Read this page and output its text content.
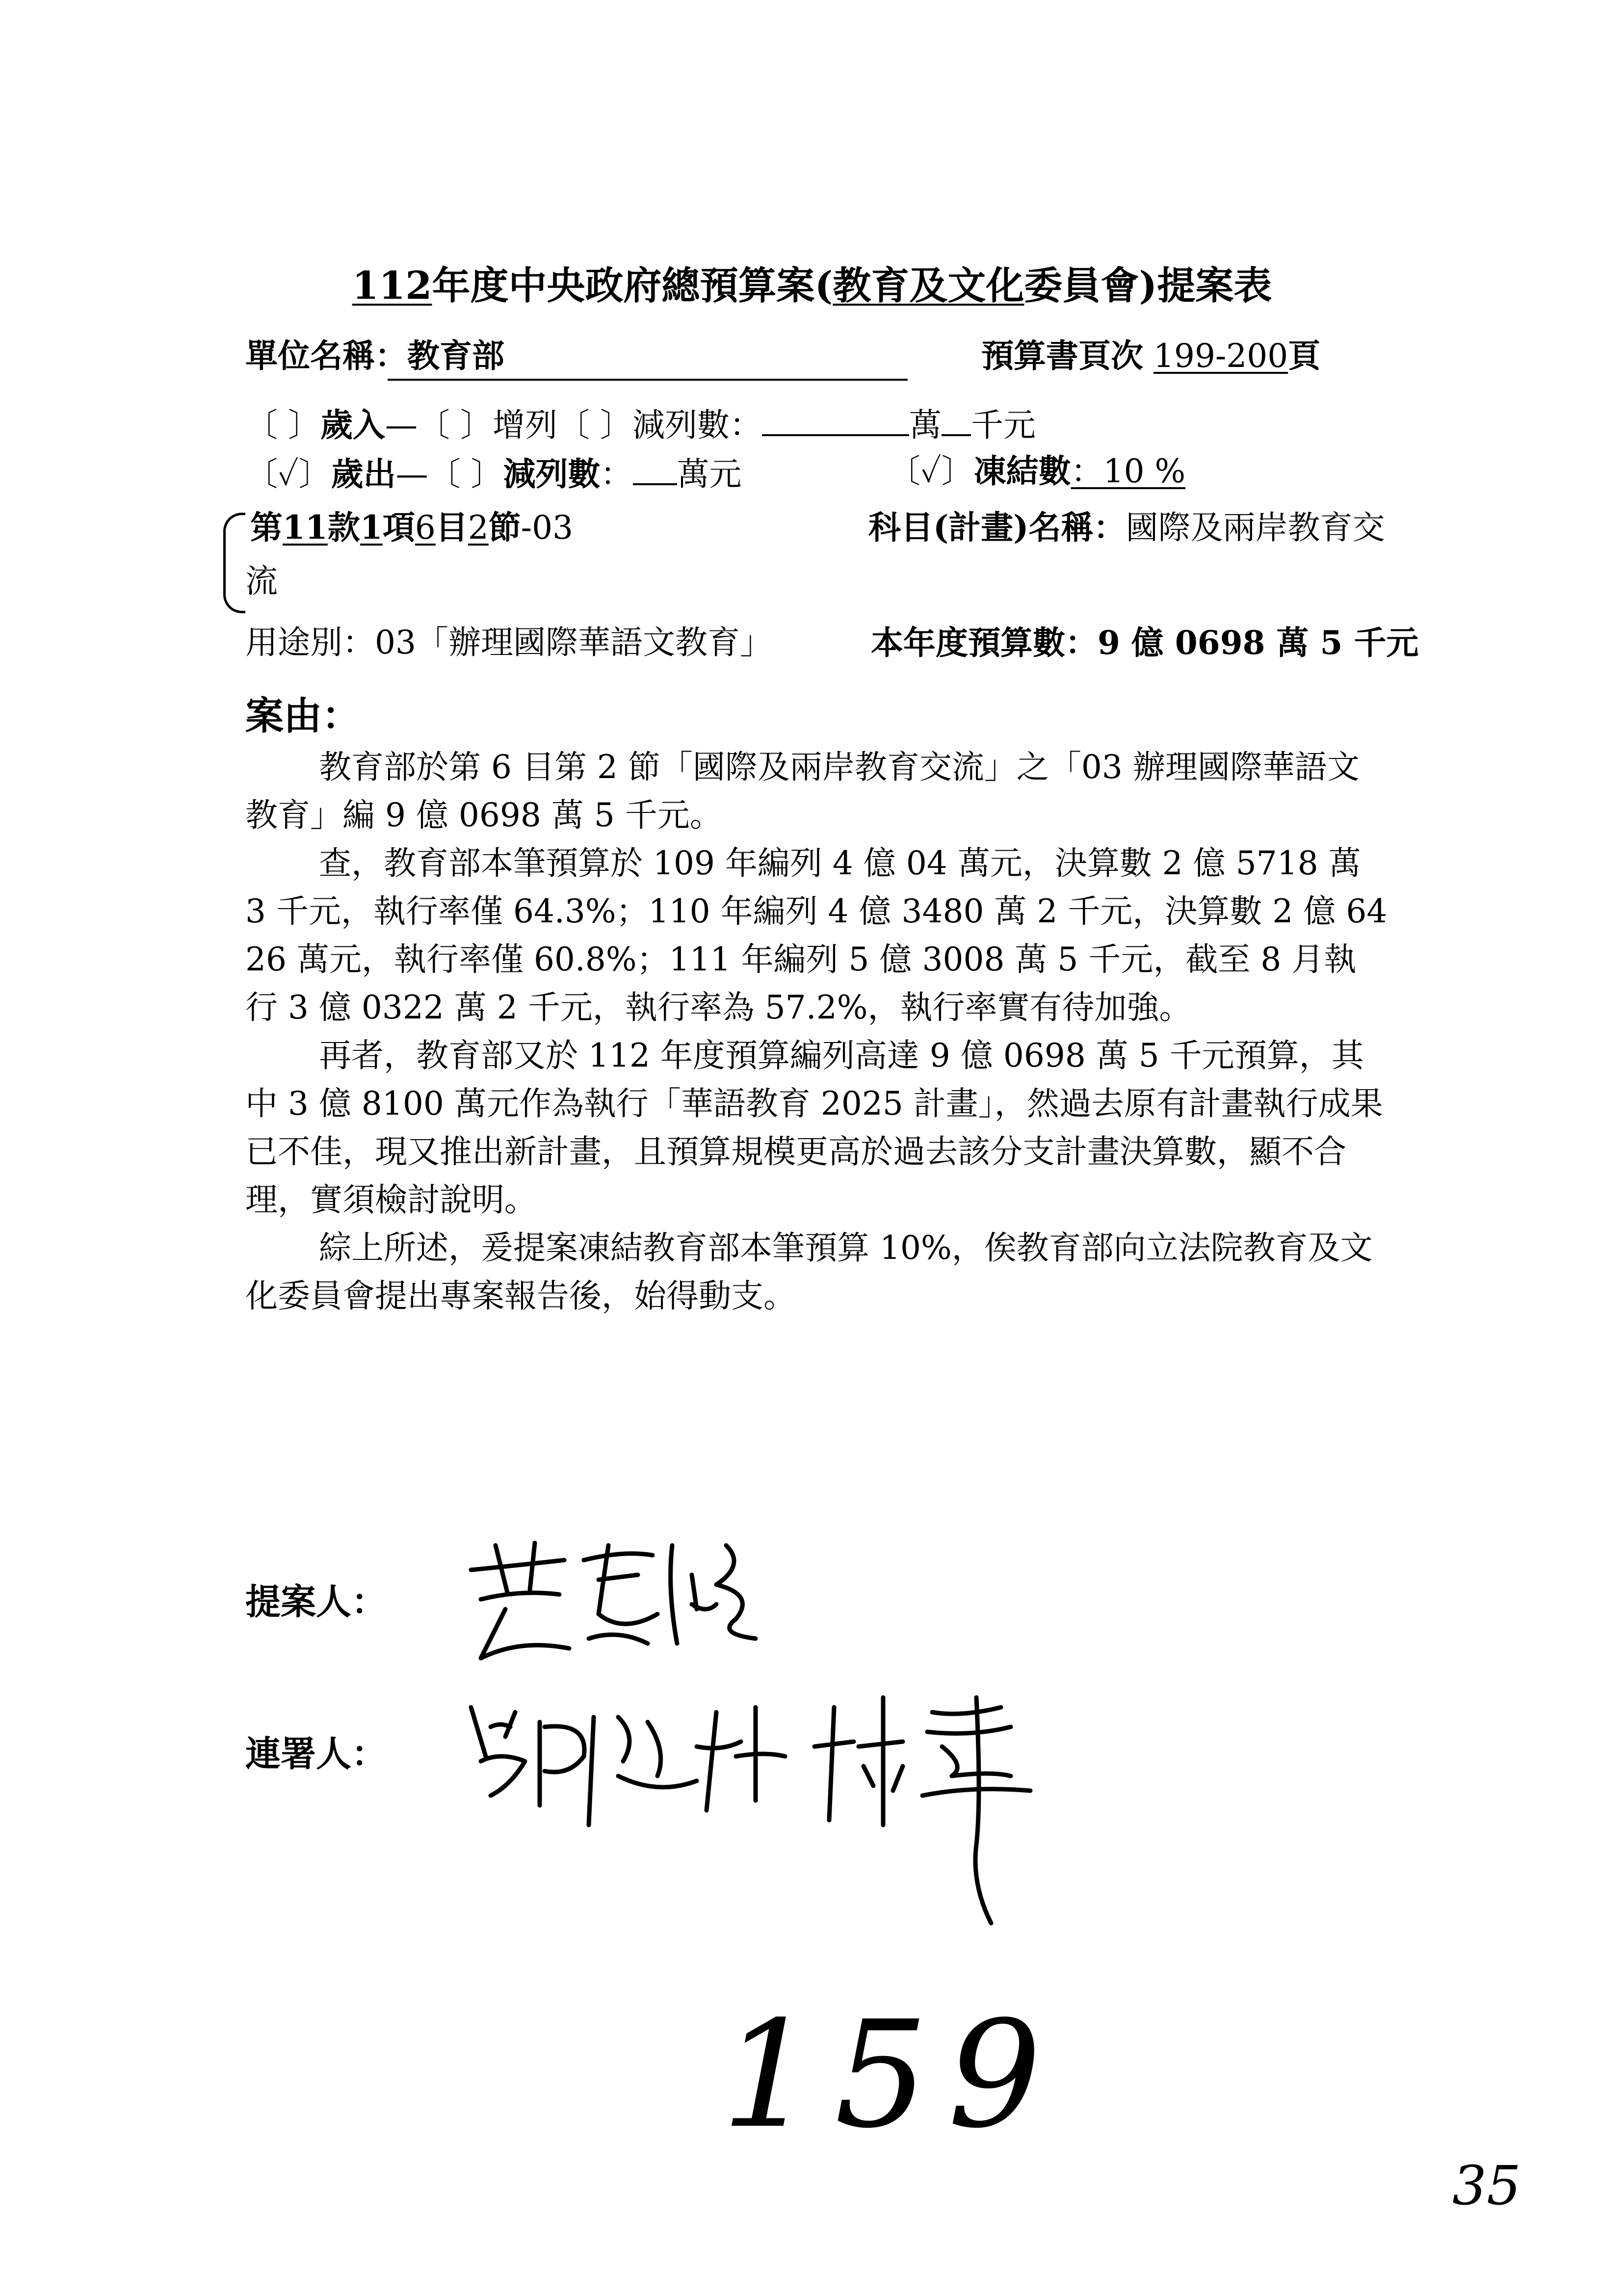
112年度中央政府總預算案(教育及文化委員會)提案表
單位名稱：教育部	預算書頁次 199-200頁
〔 〕歲入—〔 〕增列〔 〕減列數：	萬 千元
〔✓〕歲出—〔 〕減列數： 萬元	〔✓〕凍結數：10 %
第11款1項6目2節-03	科目(計畫)名稱：國際及兩岸教育交
流
用途別：03「辦理國際華語文教育」	本年度預算數：9 億 0698 萬 5 千元
案由：

教育部於第 6 目第 2 節「國際及兩岸教育交流」之「03 辦理國際華語文教育」編 9 億 0698 萬 5 千元。

查，教育部本筆預算於 109 年編列 4 億 04 萬元，決算數 2 億 5718 萬 3 千元，執行率僅 64.3%；110 年編列 4 億 3480 萬 2 千元，決算數 2 億 6426 萬元，執行率僅 60.8%；111 年編列 5 億 3008 萬 5 千元，截至 8 月執行 3 億 0322 萬 2 千元，執行率為 57.2%，執行率實有待加強。

再者，教育部又於 112 年度預算編列高達 9 億 0698 萬 5 千元預算，其中 3 億 8100 萬元作為執行「華語教育 2025 計畫」，然過去原有計畫執行成果已不佳，現又推出新計畫，且預算規模更高於過去該分支計畫決算數，顯不合理，實須檢討說明。

綜上所述，爰提案凍結教育部本筆預算 10%，俟教育部向立法院教育及文化委員會提出專案報告後，始得動支。

提案人：
連署人：
159
35
